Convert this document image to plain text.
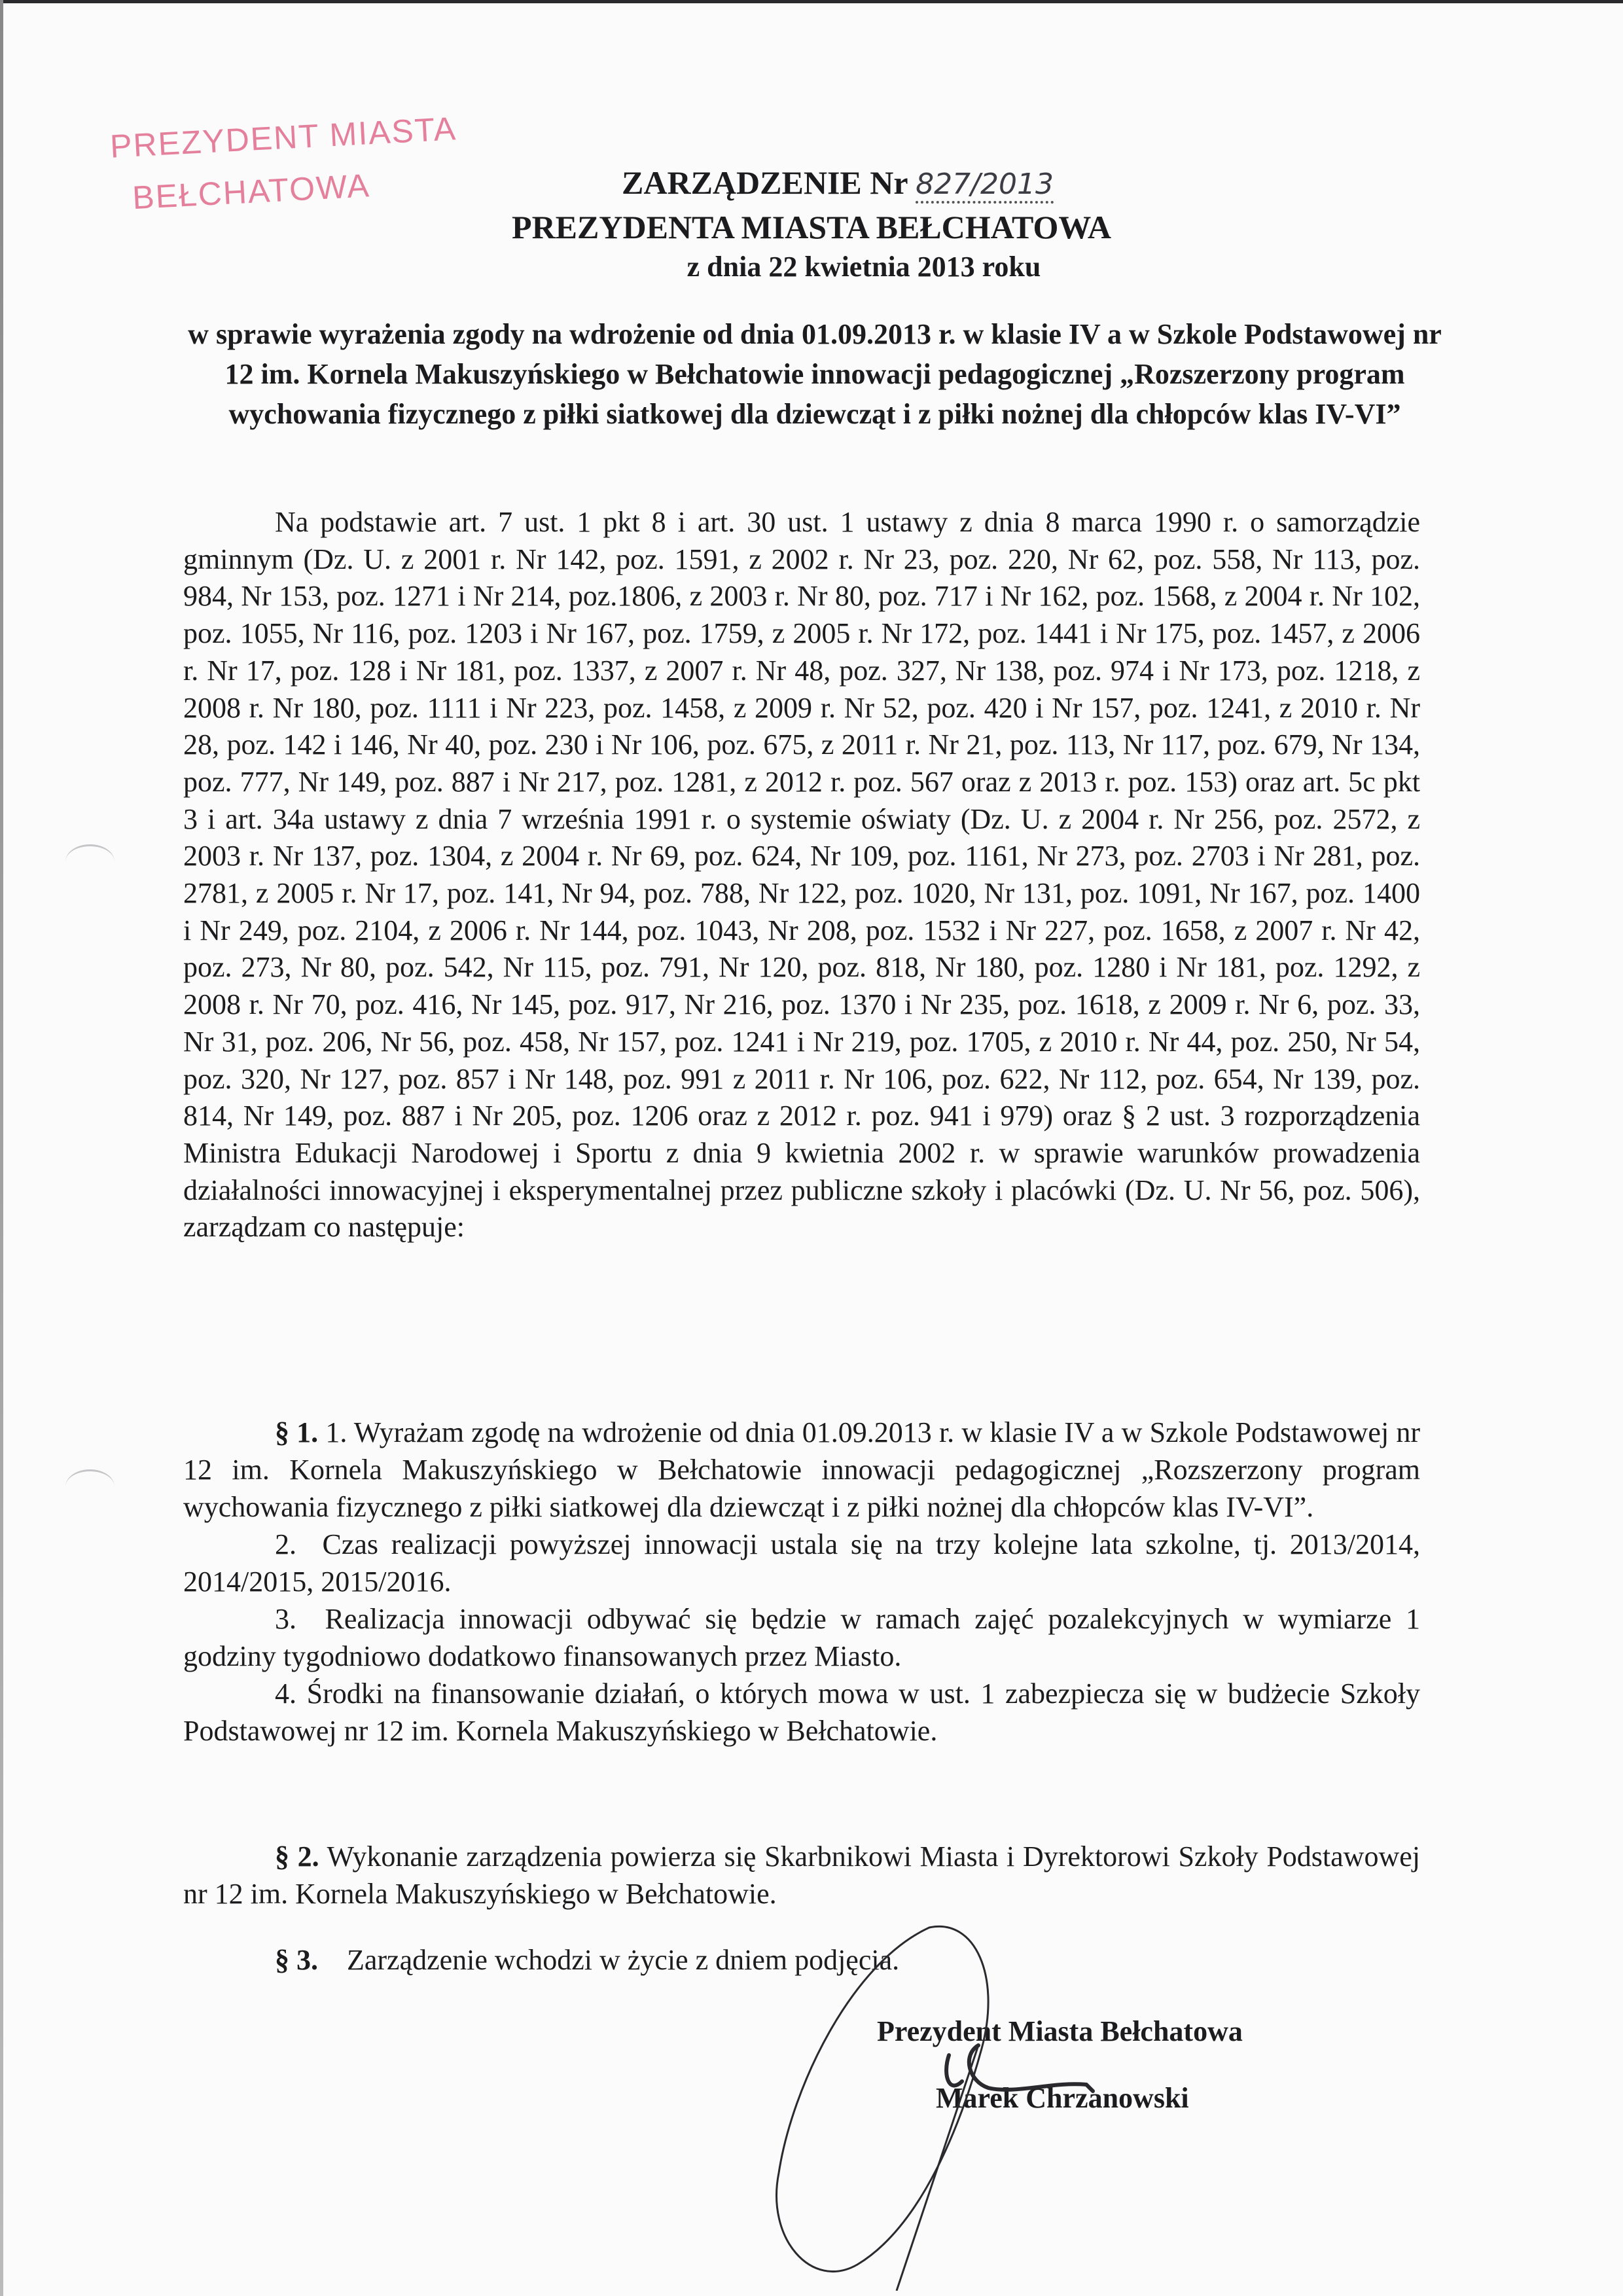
PREZYDENT MIASTA
BEŁCHATOWA	ZARZĄDZENIE Nr 827/2013
PREZYDENTA MIASTA BEŁCHATOWA
z dnia 22 kwietnia 2013 roku
w sprawie wyrażenia zgody na wdrożenie od dnia 01.09.2013 r. w klasie IV a w Szkole Podstawowej nr 12 im. Kornela Makuszyńskiego w Bełchatowie innowacji pedagogicznej „Rozszerzony program wychowania fizycznego z piłki siatkowej dla dziewcząt i z piłki nożnej dla chłopców klas IV-VI”
Na podstawie art. 7 ust. 1 pkt 8 i art. 30 ust. 1 ustawy z dnia 8 marca 1990 r. o samorządzie gminnym (Dz. U. z 2001 r. Nr 142, poz. 1591, z 2002 r. Nr 23, poz. 220, Nr 62, poz. 558, Nr 113, poz. 984, Nr 153, poz. 1271 i Nr 214, poz.1806, z 2003 r. Nr 80, poz. 717 i Nr 162, poz. 1568, z 2004 r. Nr 102, poz. 1055, Nr 116, poz. 1203 i Nr 167, poz. 1759, z 2005 r. Nr 172, poz. 1441 i Nr 175, poz. 1457, z 2006 r. Nr 17, poz. 128 i Nr 181, poz. 1337, z 2007 r. Nr 48, poz. 327, Nr 138, poz. 974 i Nr 173, poz. 1218, z 2008 r. Nr 180, poz. 1111 i Nr 223, poz. 1458, z 2009 r. Nr 52, poz. 420 i Nr 157, poz. 1241, z 2010 r. Nr 28, poz. 142 i 146, Nr 40, poz. 230 i Nr 106, poz. 675, z 2011 r. Nr 21, poz. 113, Nr 117, poz. 679, Nr 134, poz. 777, Nr 149, poz. 887 i Nr 217, poz. 1281, z 2012 r. poz. 567 oraz z 2013 r. poz. 153) oraz art. 5c pkt 3 i art. 34a ustawy z dnia 7 września 1991 r. o systemie oświaty (Dz. U. z 2004 r. Nr 256, poz. 2572, z 2003 r. Nr 137, poz. 1304, z 2004 r. Nr 69, poz. 624, Nr 109, poz. 1161, Nr 273, poz. 2703 i Nr 281, poz. 2781, z 2005 r. Nr 17, poz. 141, Nr 94, poz. 788, Nr 122, poz. 1020, Nr 131, poz. 1091, Nr 167, poz. 1400 i Nr 249, poz. 2104, z 2006 r. Nr 144, poz. 1043, Nr 208, poz. 1532 i Nr 227, poz. 1658, z 2007 r. Nr 42, poz. 273, Nr 80, poz. 542, Nr 115, poz. 791, Nr 120, poz. 818, Nr 180, poz. 1280 i Nr 181, poz. 1292, z 2008 r. Nr 70, poz. 416, Nr 145, poz. 917, Nr 216, poz. 1370 i Nr 235, poz. 1618, z 2009 r. Nr 6, poz. 33, Nr 31, poz. 206, Nr 56, poz. 458, Nr 157, poz. 1241 i Nr 219, poz. 1705, z 2010 r. Nr 44, poz. 250, Nr 54, poz. 320, Nr 127, poz. 857 i Nr 148, poz. 991 z 2011 r. Nr 106, poz. 622, Nr 112, poz. 654, Nr 139, poz. 814, Nr 149, poz. 887 i Nr 205, poz. 1206 oraz z 2012 r. poz. 941 i 979) oraz § 2 ust. 3 rozporządzenia Ministra Edukacji Narodowej i Sportu z dnia 9 kwietnia 2002 r. w sprawie warunków prowadzenia działalności innowacyjnej i eksperymentalnej przez publiczne szkoły i placówki (Dz. U. Nr 56, poz. 506), zarządzam co następuje:
§ 1. 1. Wyrażam zgodę na wdrożenie od dnia 01.09.2013 r. w klasie IV a w Szkole Podstawowej nr 12 im. Kornela Makuszyńskiego w Bełchatowie innowacji pedagogicznej „Rozszerzony program wychowania fizycznego z piłki siatkowej dla dziewcząt i z piłki nożnej dla chłopców klas IV-VI”.
2. Czas realizacji powyższej innowacji ustala się na trzy kolejne lata szkolne, tj. 2013/2014, 2014/2015, 2015/2016.
3. Realizacja innowacji odbywać się będzie w ramach zajęć pozalekcyjnych w wymiarze 1 godziny tygodniowo dodatkowo finansowanych przez Miasto.
4. Środki na finansowanie działań, o których mowa w ust. 1 zabezpiecza się w budżecie Szkoły Podstawowej nr 12 im. Kornela Makuszyńskiego w Bełchatowie.
§ 2. Wykonanie zarządzenia powierza się Skarbnikowi Miasta i Dyrektorowi Szkoły Podstawowej nr 12 im. Kornela Makuszyńskiego w Bełchatowie.
§ 3. Zarządzenie wchodzi w życie z dniem podjęcia.
Prezydent Miasta Bełchatowa
Marek Chrzanowski
